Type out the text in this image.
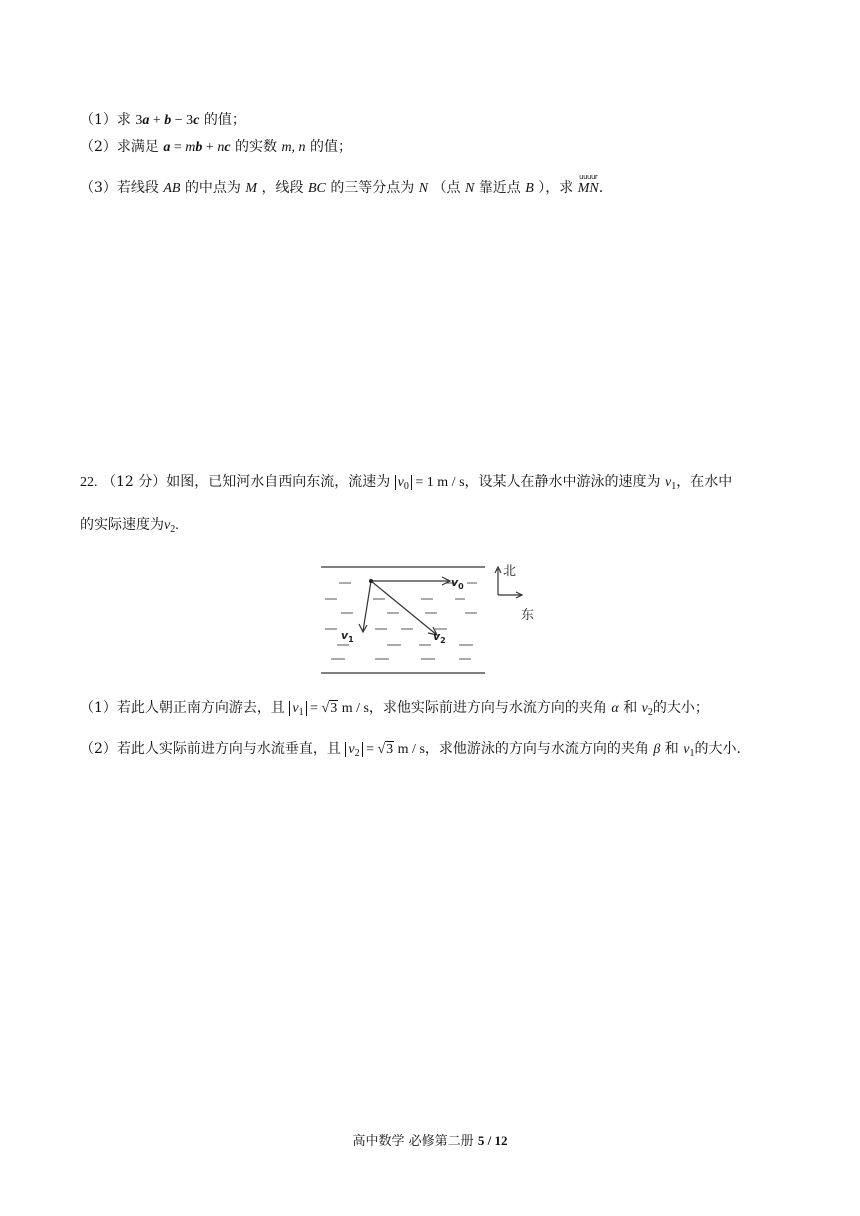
（1）求 3a + b − 3c 的值；
（2）求满足 a = mb + nc 的实数 m, n 的值；
（3）若线段 AB 的中点为 M ，线段 BC 的三等分点为 N （点 N 靠近点 B ），求
uuuur
MN.
22. （12 分）如图，已知河水自西向东流，流速为 $v_0 = 1$ m / s，设某人在静水中游泳的速度为 $v_1$，在水中
的实际速度为$v_2$.
$v_0$
$v_1$	$v_2$
北
东
（1）若此人朝正南方向游去，且 $v_1 = √3$ m / s，求他实际前进方向与水流方向的夹角 α 和 $v_2$的大小；
（2）若此人实际前进方向与水流垂直，且 $v_2 = √3$ m / s，求他游泳的方向与水流方向的夹角 β 和 $v_1$的大小.
高中数学 必修第二册 5 / 12
